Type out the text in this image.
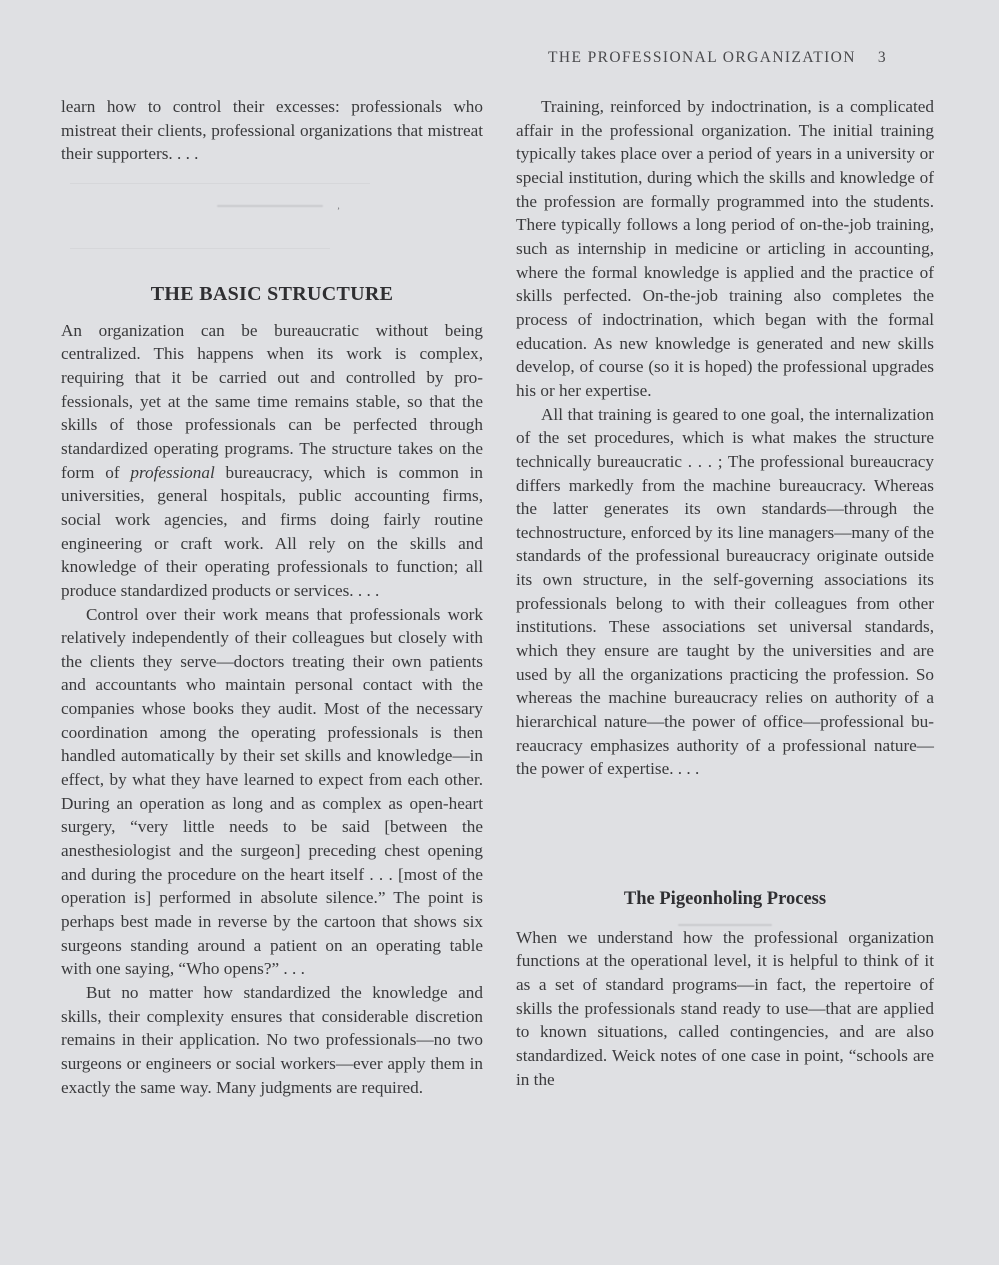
THE PROFESSIONAL ORGANIZATION 3
’

learn how to control their excesses: professionals who mistreat their clients, professional organizations that mistreat their supporters. . . .

THE BASIC STRUCTURE

An organization can be bureaucratic without being centralized. This happens when its work is complex, requiring that it be carried out and controlled by professionals, yet at the same time remains stable, so that the skills of those professionals can be perfected through standardized operating programs. The structure takes on the form of professional bureaucracy, which is common in universities, general hospitals, public accounting firms, social work agencies, and firms doing fairly routine engineering or craft work. All rely on the skills and knowledge of their operating professionals to function; all produce standardized products or services. . . .

Control over their work means that professionals work relatively independently of their colleagues but closely with the clients they serve—doctors treating their own patients and accountants who maintain personal contact with the companies whose books they audit. Most of the necessary coordination among the operating professionals is then handled automatically by their set skills and knowledge—in effect, by what they have learned to expect from each other. During an operation as long and as complex as open-heart surgery, “very little needs to be said [between the anesthesiologist and the surgeon] preceding chest opening and during the procedure on the heart itself . . . [most of the operation is] performed in absolute silence.” The point is perhaps best made in reverse by the cartoon that shows six surgeons standing around a patient on an operating table with one saying, “Who opens?” . . .

But no matter how standardized the knowledge and skills, their complexity ensures that considerable discretion remains in their application. No two professionals—no two surgeons or engineers or social workers—ever apply them in exactly the same way. Many judgments are required.

Training, reinforced by indoctrination, is a complicated affair in the professional organization. The initial training typically takes place over a period of years in a university or special institution, during which the skills and knowledge of the profession are formally programmed into the students. There typically follows a long period of on-the-job training, such as internship in medicine or articling in accounting, where the formal knowledge is applied and the practice of skills perfected. On-the-job training also completes the process of indoctrination, which began with the formal education. As new knowledge is generated and new skills develop, of course (so it is hoped) the professional upgrades his or her expertise.

All that training is geared to one goal, the internalization of the set procedures, which is what makes the structure technically bureaucratic . . . ; The professional bureaucracy differs markedly from the machine bureaucracy. Whereas the latter generates its own standards—through the technostructure, enforced by its line managers—many of the standards of the professional bureaucracy originate outside its own structure, in the self-governing associations its professionals belong to with their colleagues from other institutions. These associations set universal standards, which they ensure are taught by the universities and are used by all the organizations practicing the profession. So whereas the machine bureaucracy relies on authority of a hierarchical nature—the power of office—professional bureaucracy emphasizes authority of a professional nature—the power of expertise. . . .

The Pigeonholing Process

When we understand how the professional organization functions at the operational level, it is helpful to think of it as a set of standard programs—in fact, the repertoire of skills the professionals stand ready to use—that are applied to known situations, called contingencies, and are also standardized. Weick notes of one case in point, “schools are in the
